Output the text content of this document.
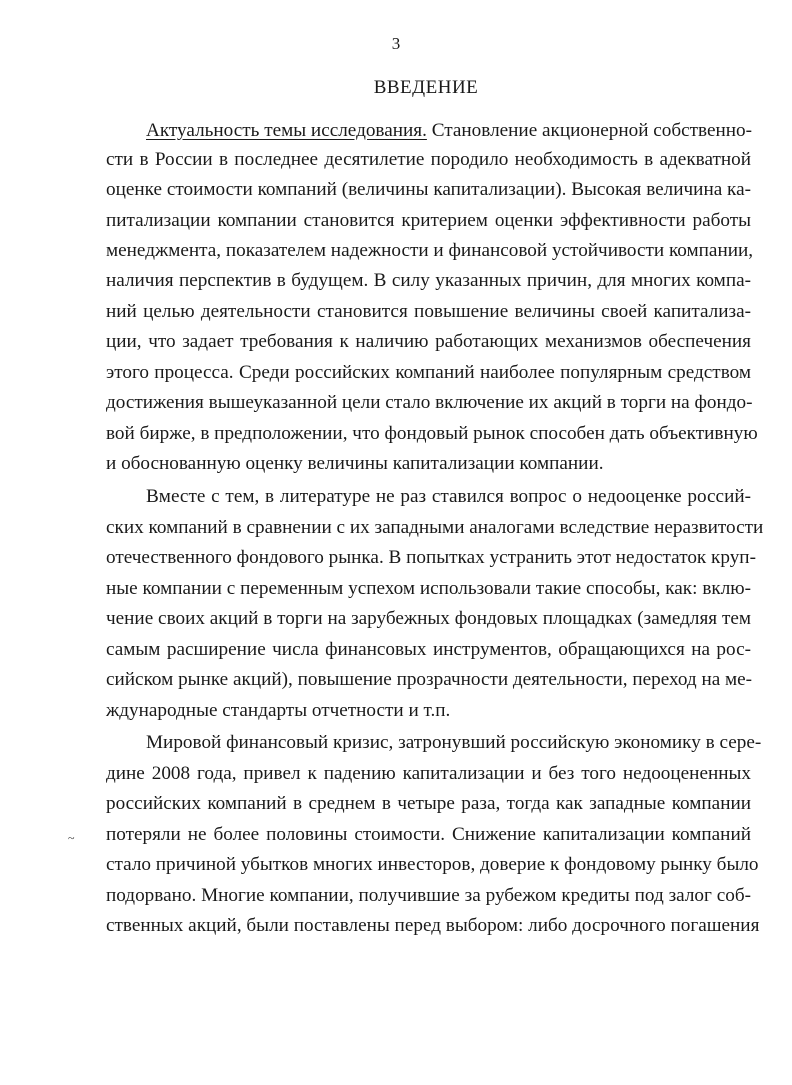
3
ВВЕДЕНИЕ
Актуальность темы исследования. Становление акционерной собственно-
сти в России в последнее десятилетие породило необходимость в адекватной
оценке стоимости компаний (величины капитализации). Высокая величина ка-
питализации компании становится критерием оценки эффективности работы
менеджмента, показателем надежности и финансовой устойчивости компании,
наличия перспектив в будущем. В силу указанных причин, для многих компа-
ний целью деятельности становится повышение величины своей капитализа-
ции, что задает требования к наличию работающих механизмов обеспечения
этого процесса. Среди российских компаний наиболее популярным средством
достижения вышеуказанной цели стало включение их акций в торги на фондо-
вой бирже, в предположении, что фондовый рынок способен дать объективную
и обоснованную оценку величины капитализации компании.
Вместе с тем, в литературе не раз ставился вопрос о недооценке россий-
ских компаний в сравнении с их западными аналогами вследствие неразвитости
отечественного фондового рынка. В попытках устранить этот недостаток круп-
ные компании с переменным успехом использовали такие способы, как: вклю-
чение своих акций в торги на зарубежных фондовых площадках (замедляя тем
самым расширение числа финансовых инструментов, обращающихся на рос-
сийском рынке акций), повышение прозрачности деятельности, переход на ме-
ждународные стандарты отчетности и т.п.
Мировой финансовый кризис, затронувший российскую экономику в сере-
дине 2008 года, привел к падению капитализации и без того недооцененных
российских компаний в среднем в четыре раза, тогда как западные компании
потеряли не более половины стоимости. Снижение капитализации компаний
стало причиной убытков многих инвесторов, доверие к фондовому рынку было
подорвано. Многие компании, получившие за рубежом кредиты под залог соб-
ственных акций, были поставлены перед выбором: либо досрочного погашения
~
